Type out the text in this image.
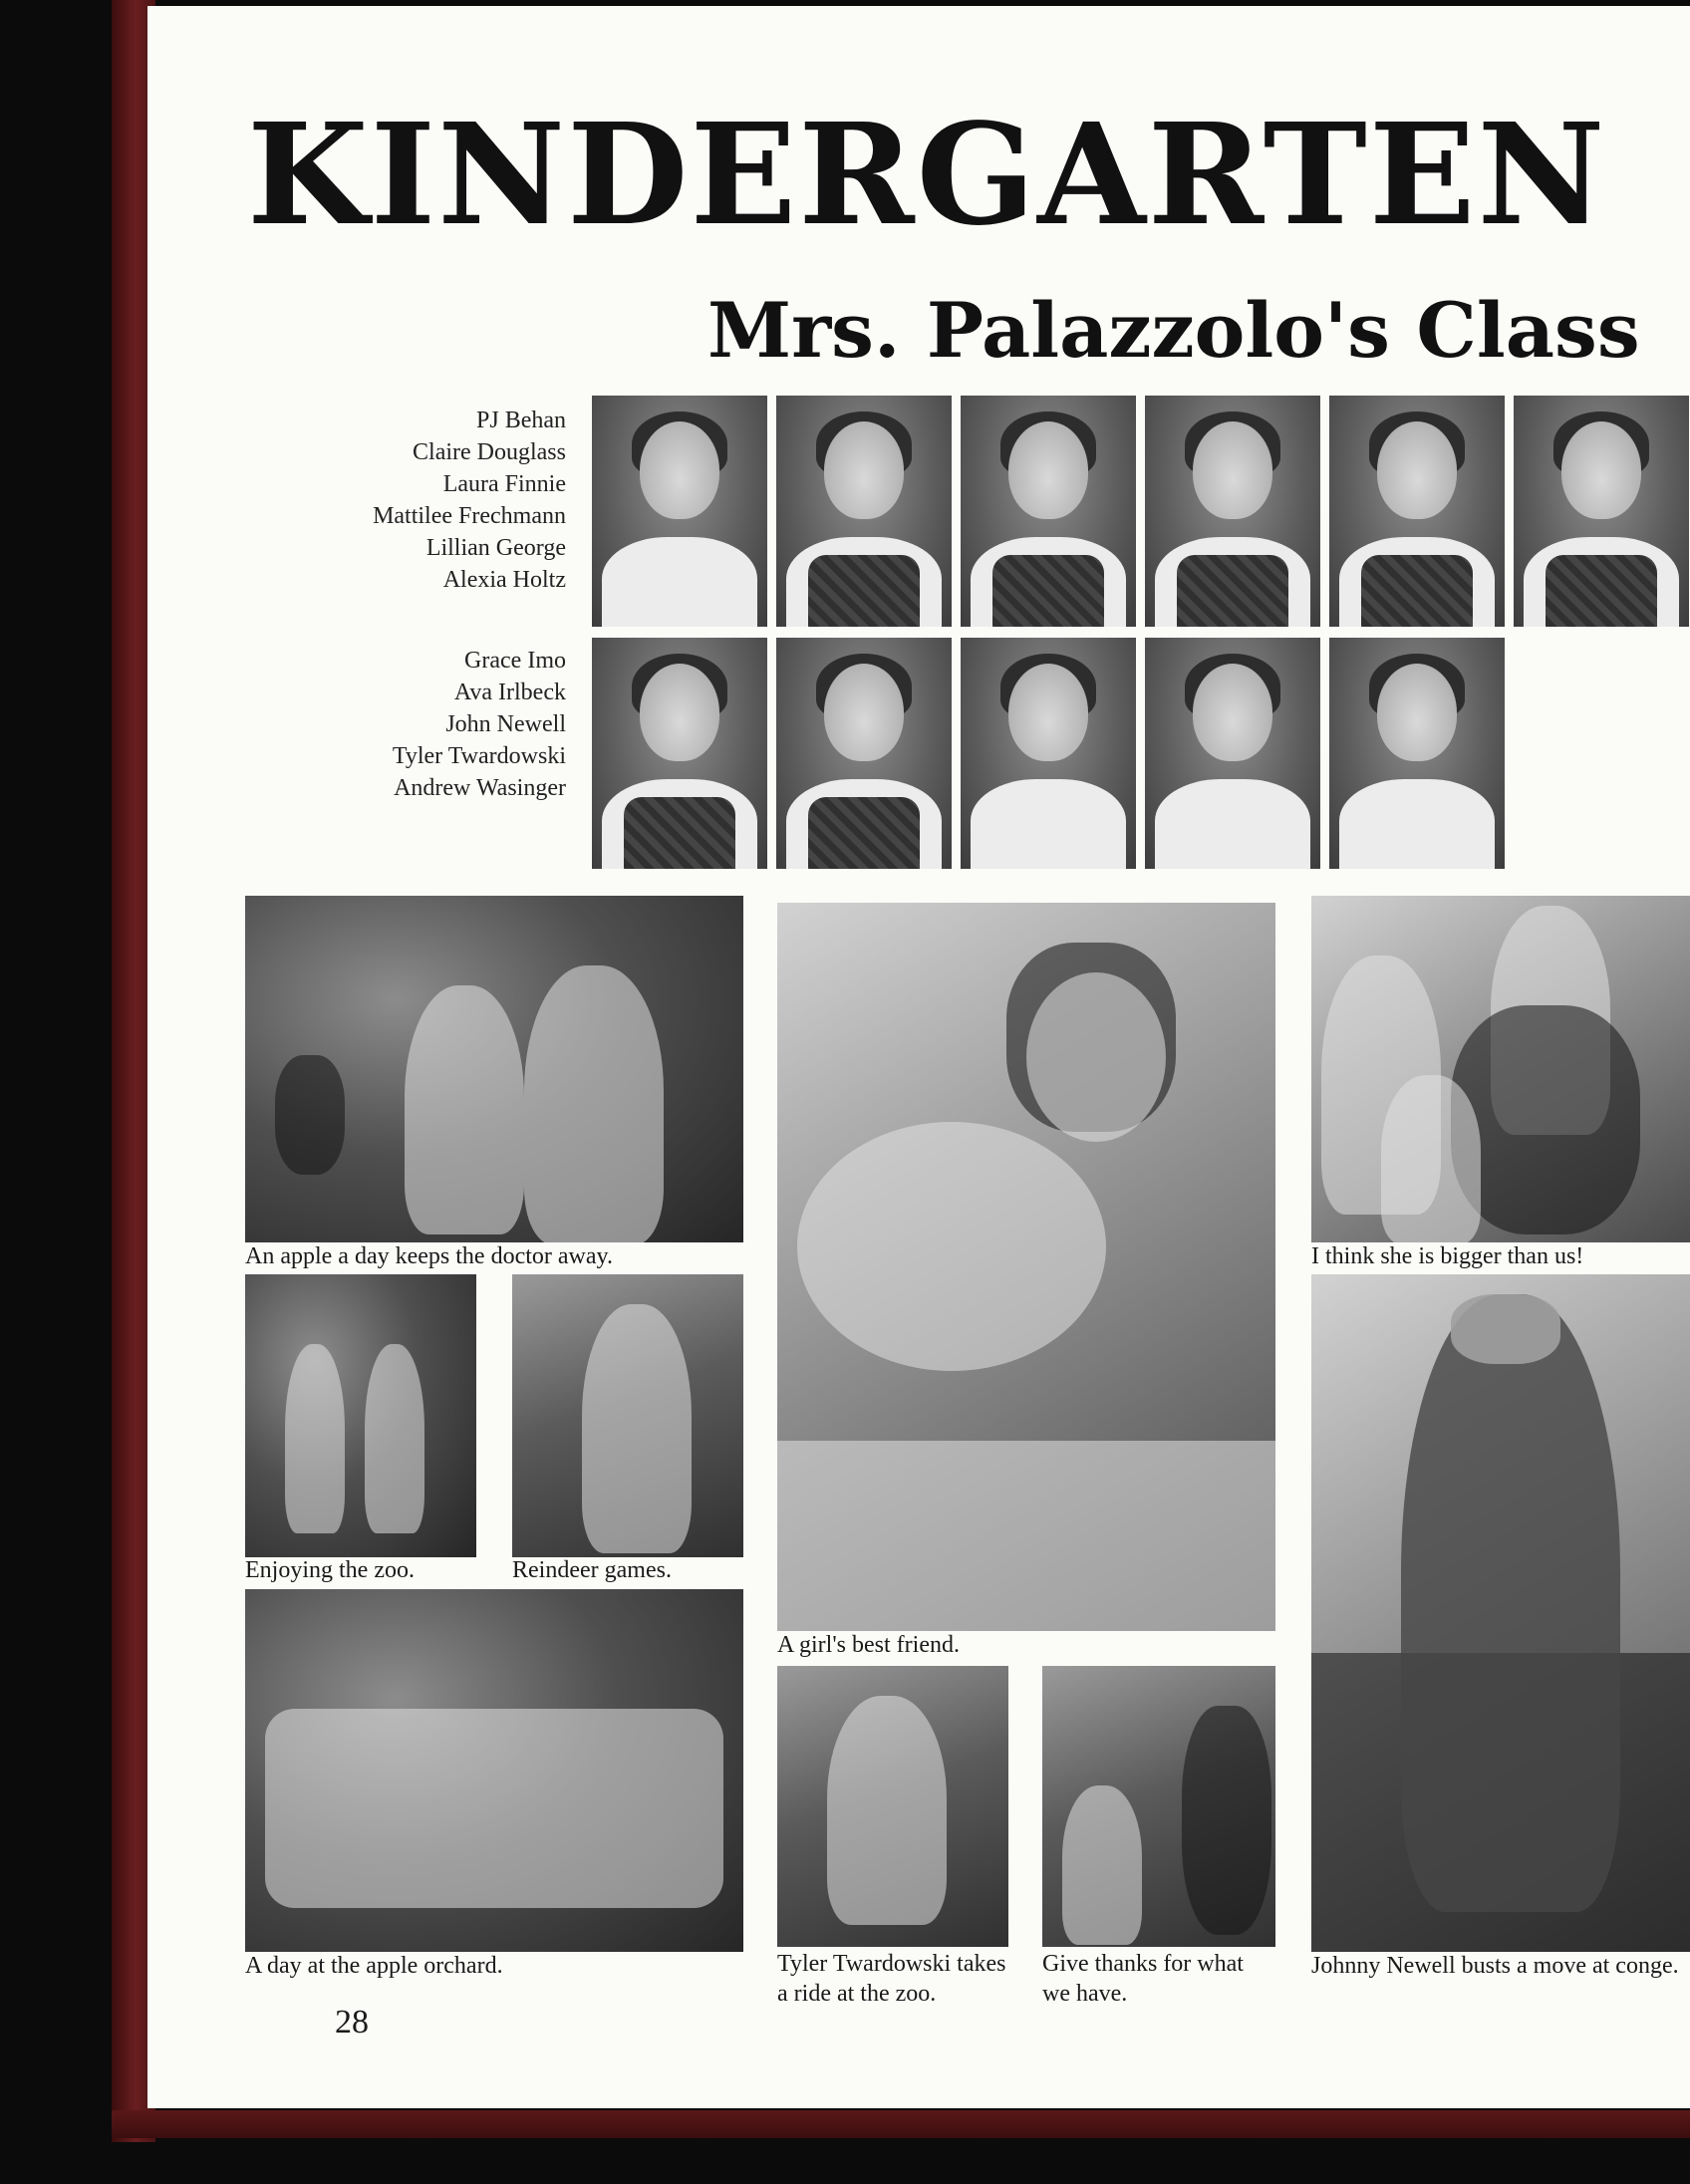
KINDERGARTEN
Mrs. Palazzolo's Class
PJ Behan
Claire Douglass
Laura Finnie
Mattilee Frechmann
Lillian George
Alexia Holtz
Grace Imo
Ava Irlbeck
John Newell
Tyler Twardowski
Andrew Wasinger
An apple a day keeps the doctor away.
Enjoying the zoo.	Reindeer games.
A day at the apple orchard.
A girl's best friend.
Tyler Twardowski takes a ride at the zoo.
Give thanks for what we have.
I think she is bigger than us!
Johnny Newell busts a move at conge.
28
